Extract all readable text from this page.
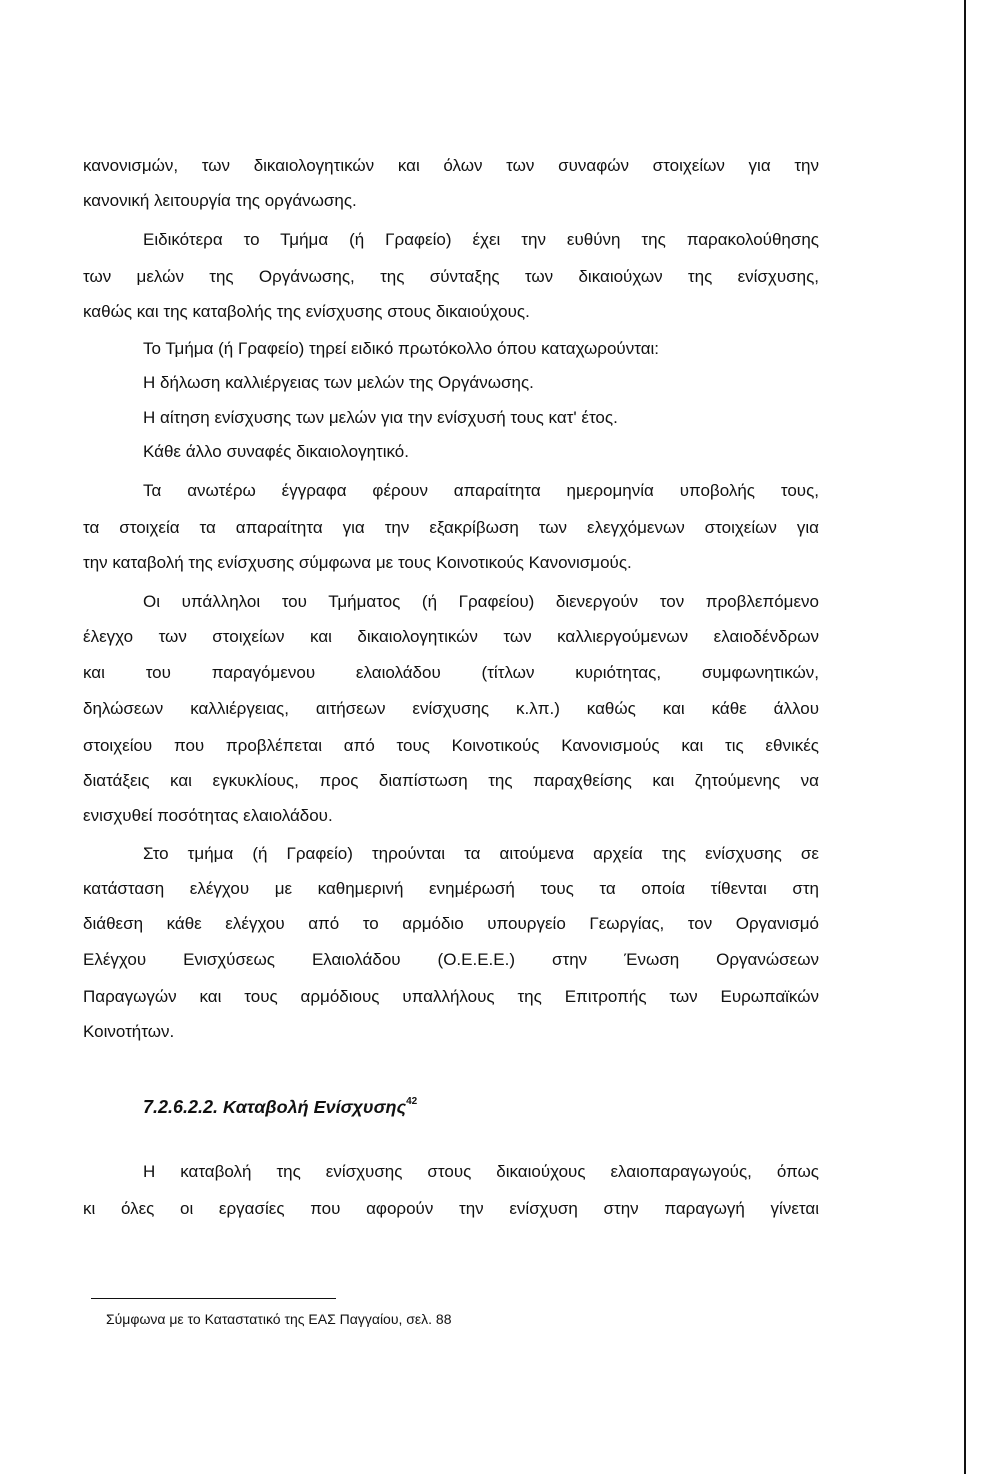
κανονισμών, των δικαιολογητικών και όλων των συναφών στοιχείων για την
κανονική λειτουργία της οργάνωσης.
Ειδικότερα το Τμήμα (ή Γραφείο) έχει την ευθύνη της παρακολούθησης
των μελών της Οργάνωσης, της σύνταξης των δικαιούχων της ενίσχυσης,
καθώς και της καταβολής της ενίσχυσης στους δικαιούχους.
Το Τμήμα (ή Γραφείο) τηρεί ειδικό πρωτόκολλο όπου καταχωρούνται:
Η δήλωση καλλιέργειας των μελών της Οργάνωσης.
Η αίτηση ενίσχυσης των μελών για την ενίσχυσή τους κατ' έτος.
Κάθε άλλο συναφές δικαιολογητικό.
Τα ανωτέρω έγγραφα φέρουν απαραίτητα ημερομηνία υποβολής τους,
τα στοιχεία τα απαραίτητα για την εξακρίβωση των ελεγχόμενων στοιχείων για
την καταβολή της ενίσχυσης σύμφωνα με τους Κοινοτικούς Κανονισμούς.
Οι υπάλληλοι του Τμήματος (ή Γραφείου) διενεργούν τον προβλεπόμενο
έλεγχο των στοιχείων και δικαιολογητικών των καλλιεργούμενων ελαιοδένδρων
και του παραγόμενου ελαιολάδου (τίτλων κυριότητας, συμφωνητικών,
δηλώσεων καλλιέργειας, αιτήσεων ενίσχυσης κ.λπ.) καθώς και κάθε άλλου
στοιχείου που προβλέπεται από τους Κοινοτικούς Κανονισμούς και τις εθνικές
διατάξεις και εγκυκλίους, προς διαπίστωση της παραχθείσης και ζητούμενης να
ενισχυθεί ποσότητας ελαιολάδου.
Στο τμήμα (ή Γραφείο) τηρούνται τα αιτούμενα αρχεία της ενίσχυσης σε
κατάσταση ελέγχου με καθημερινή ενημέρωσή τους τα οποία τίθενται στη
διάθεση κάθε ελέγχου από το αρμόδιο υπουργείο Γεωργίας, τον Οργανισμό
Ελέγχου Ενισχύσεως Ελαιολάδου (Ο.Ε.Ε.Ε.) στην Ένωση Οργανώσεων
Παραγωγών και τους αρμόδιους υπαλλήλους της Επιτροπής των Ευρωπαϊκών
Κοινοτήτων.
7.2.6.2.2. Καταβολή Ενίσχυσης$^{42}$
Η καταβολή της ενίσχυσης στους δικαιούχους ελαιοπαραγωγούς, όπως
κι όλες οι εργασίες που αφορούν την ενίσχυση στην παραγωγή γίνεται
Σύμφωνα με το Καταστατικό της ΕΑΣ Παγγαίου, σελ. 88
